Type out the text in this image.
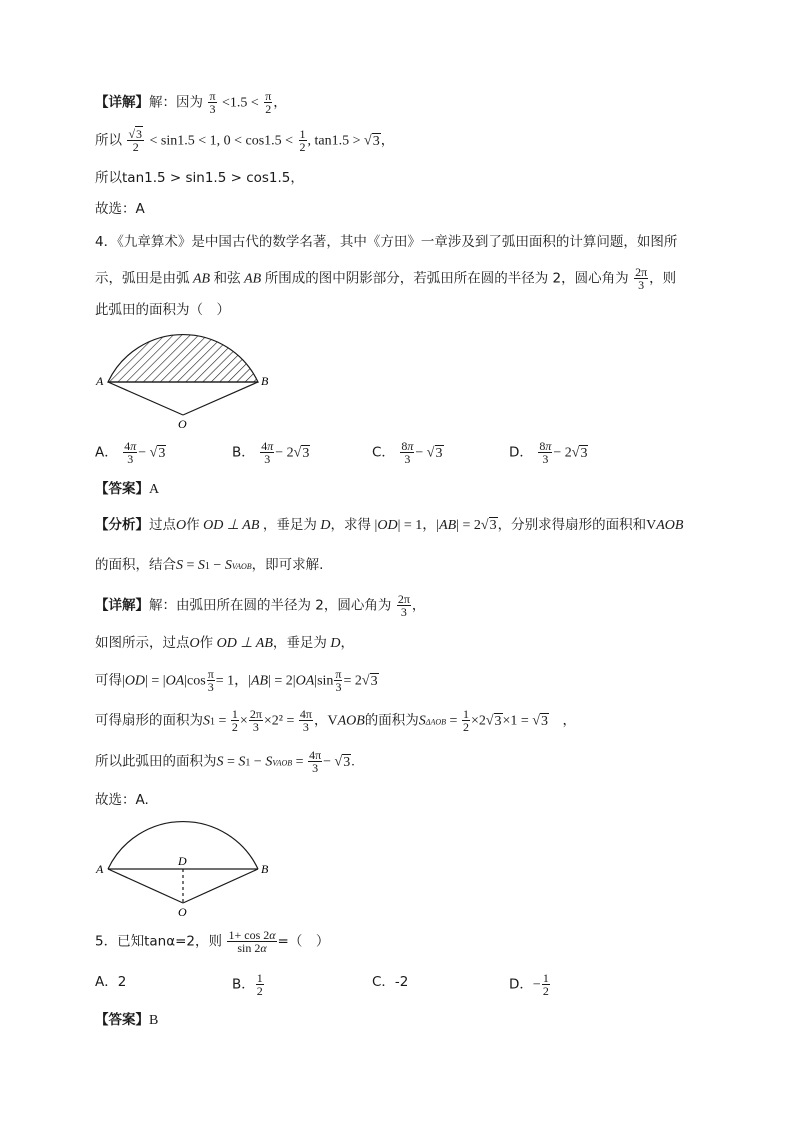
【详解】解：因为 $\frac{\pi}{3} <1.5 < \frac{\pi}{2}$ ，
所以 $\frac{√3}{2} < \sin 1.5 < 1$, $0 < \cos 1.5 < \frac{1}{2}$ , tan1.5 > √3，
所以tan1.5 > sin1.5 > cos1.5，
故选：A
4．《九章算术》是中国古代的数学名著，其中《方田》一章涉及到了弧田面积的计算问题，如图所
示，弧田是由弧 AB 和弦 AB 所围成的图中阴影部分，若弧田所在圆的半径为 2，圆心角为 $\frac{2\pi}{3}$ ，则
此弧田的面积为（　）
A	B
O
A． $\frac{4\pi}{3} - √3$	B． $\frac{4\pi}{3} - 2√3$	C． $\frac{8\pi}{3} - √3$	D． $\frac{8\pi}{3} - 2√3$
【答案】A
【分析】过点O作 OD ⊥ AB ，垂足为 D，求得 |OD| = 1，|AB| = 2√3，分别求得扇形的面积和VAOB
的面积，结合S = S1 − SVAOB，即可求解.
【详解】解：由弧田所在圆的半径为 2，圆心角为 $\frac{2\pi}{3}$ ，
如图所示，过点O作 OD ⊥ AB，垂足为 D，
可得$|OD| = |OA|\cos \frac{\pi}{3} = 1$，$|AB| = 2|OA|\sin \frac{\pi}{3} = 2√3$
可得扇形的面积为$S1 = \frac{1}{2} \times \frac{2\pi}{3} \times 2^2 = \frac{4\pi}{3}$ ，VAOB的面积为$S\Delta AOB = \frac{1}{2} \times 2√3\times 1 = √3$　，
所以此弧田的面积为S = S1 − SVAOB = $\frac{4\pi}{3} - √3$.
故选：A.
A	B
D
O
5．已知tanα=2，则 $\frac{1+ \cos 2\alpha}{\sin 2\alpha}$ =（　）
A．2	B． $\frac{1}{2}$	C．-2	D．− $\frac{1}{2}$
【答案】B
